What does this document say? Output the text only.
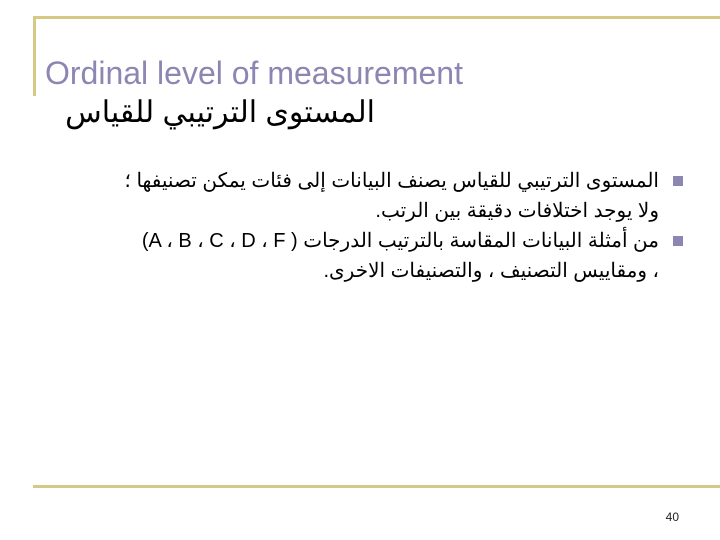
Ordinal level of measurement
المستوى الترتيبي للقياس
المستوى الترتيبي للقياس يصنف البيانات إلى فئات يمكن تصنيفها ؛
ولا يوجد اختلافات دقيقة بين الرتب.
من أمثلة البيانات المقاسة بالترتيب الدرجات ( A ، B ، C ، D ، F)
، ومقاييس التصنيف ، والتصنيفات الاخرى.
40
